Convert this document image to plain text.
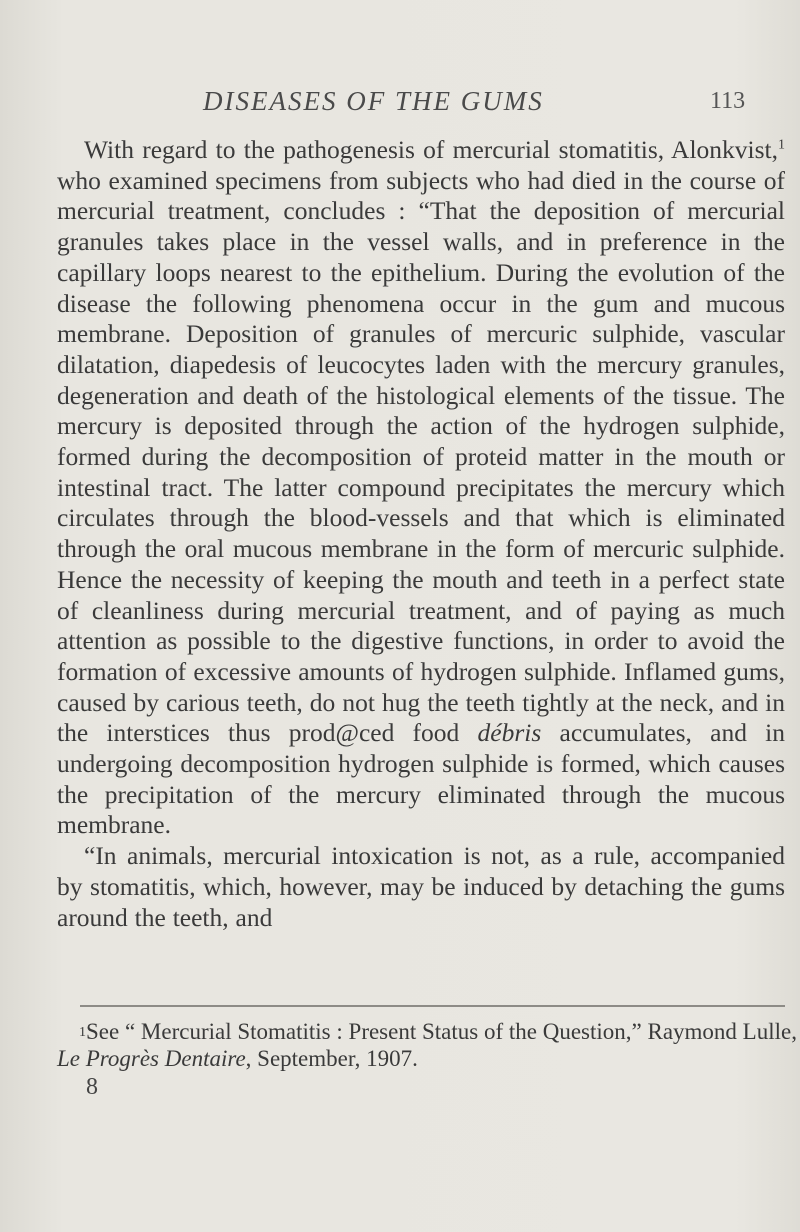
DISEASES OF THE GUMS	113

With regard to the pathogenesis of mercurial stomatitis, Alonkvist,$^1$ who examined specimens from subjects who had died in the course of mercurial treatment, concludes : “That the deposition of mercurial granules takes place in the vessel walls, and in preference in the capillary loops nearest to the epithelium. During the evolution of the disease the following phenomena occur in the gum and mucous membrane. Deposition of granules of mercuric sulphide, vascular dilatation, diapedesis of leucocytes laden with the mercury granules, degeneration and death of the histological elements of the tissue. The mercury is deposited through the action of the hydrogen sulphide, formed during the decomposition of proteid matter in the mouth or intestinal tract. The latter compound precipitates the mercury which circulates through the blood-vessels and that which is eliminated through the oral mucous membrane in the form of mercuric sulphide. Hence the necessity of keeping the mouth and teeth in a perfect state of cleanliness during mercurial treatment, and of paying as much attention as possible to the digestive functions, in order to avoid the formation of excessive amounts of hydrogen sulphide. Inflamed gums, caused by carious teeth, do not hug the teeth tightly at the neck, and in the interstices thus prod@ced food débris accumulates, and in undergoing decomposition hydrogen sulphide is formed, which causes the precipitation of the mercury eliminated through the mucous membrane.

“In animals, mercurial intoxication is not, as a rule, accompanied by stomatitis, which, however, may be induced by detaching the gums around the teeth, and

$^1$See “ Mercurial Stomatitis : Present Status of the Question,” Raymond Lulle, Le Progrès Dentaire, September, 1907.

8
